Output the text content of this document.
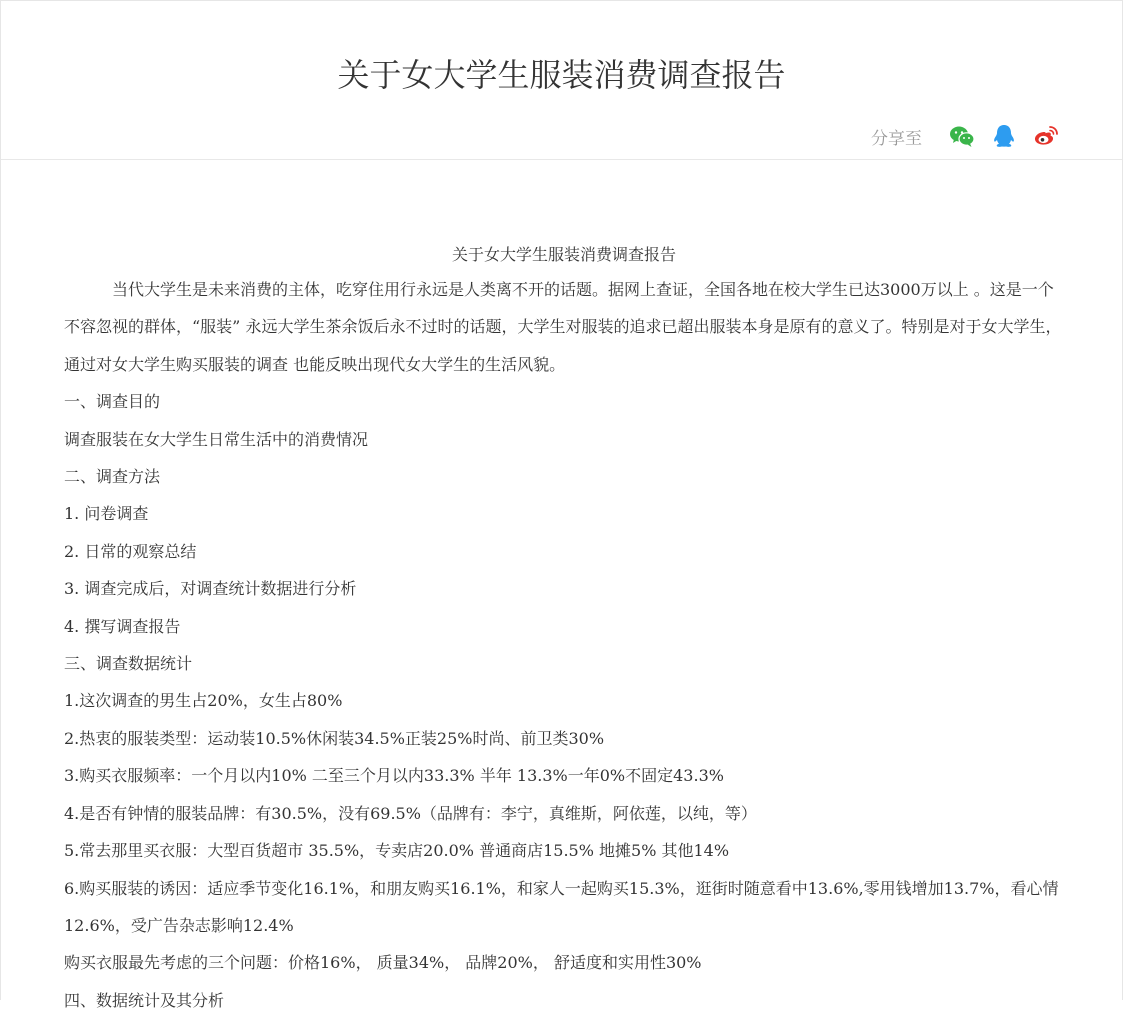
关于女大学生服装消费调查报告
分享至
关于女大学生服装消费调查报告

当代大学生是未来消费的主体，吃穿住用行永远是人类离不开的话题。据网上查证，全国各地在校大学生已达3000万以上 。这是一个不容忽视的群体，“服装” 永远大学生茶余饭后永不过时的话题，大学生对服装的追求已超出服装本身是原有的意义了。特别是对于女大学生，通过对女大学生购买服装的调查 也能反映出现代女大学生的生活风貌。

一、调查目的

调查服装在女大学生日常生活中的消费情况

二、调查方法

1. 问卷调查

2. 日常的观察总结

3. 调查完成后，对调查统计数据进行分析

4. 撰写调查报告

三、调查数据统计

1.这次调查的男生占20%，女生占80%

2.热衷的服装类型：运动装10.5%休闲装34.5%正装25%时尚、前卫类30%

3.购买衣服频率：一个月以内10% 二至三个月以内33.3% 半年 13.3%一年0%不固定43.3%

4.是否有钟情的服装品牌：有30.5%，没有69.5%（品牌有：李宁，真维斯，阿依莲，以纯，等）

5.常去那里买衣服：大型百货超市 35.5%，专卖店20.0% 普通商店15.5% 地摊5% 其他14%

6.购买服装的诱因：适应季节变化16.1%，和朋友购买16.1%，和家人一起购买15.3%，逛街时随意看中13.6%,零用钱增加13.7%，看心情12.6%，受广告杂志影响12.4%

购买衣服最先考虑的三个问题：价格16%， 质量34%， 品牌20%， 舒适度和实用性30%

四、数据统计及其分析
